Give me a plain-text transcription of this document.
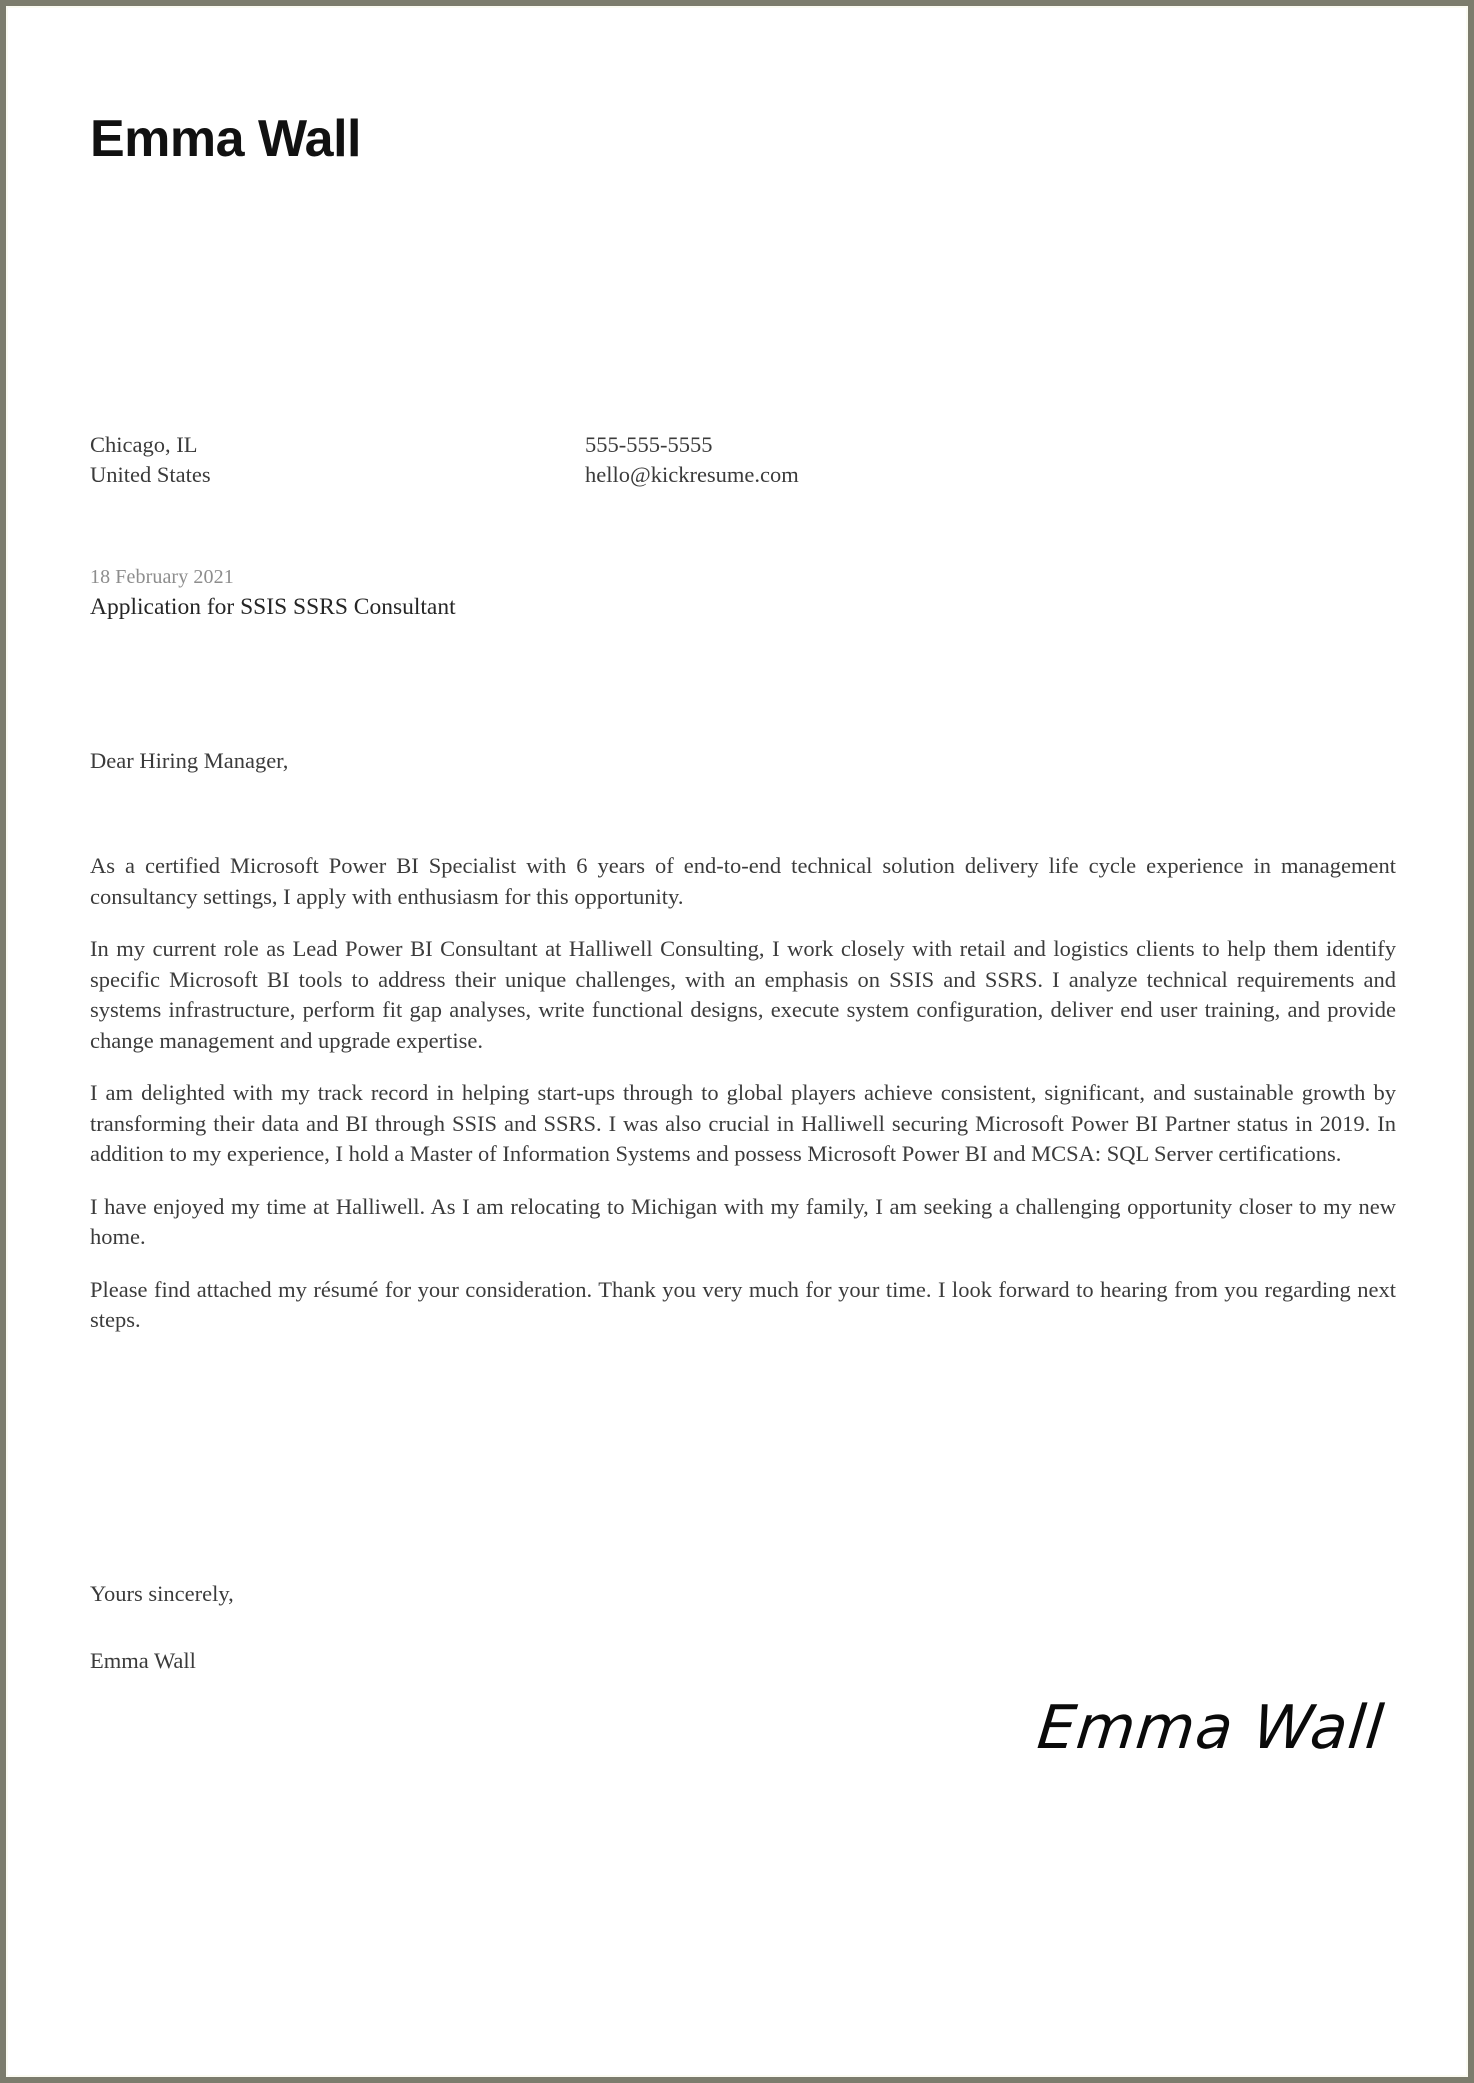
Emma Wall
Chicago, IL
United States
555-555-5555
hello@kickresume.com
18 February 2021
Application for SSIS SSRS Consultant
Dear Hiring Manager,

As a certified Microsoft Power BI Specialist with 6 years of end-to-end technical solution delivery life cycle experience in management consultancy settings, I apply with enthusiasm for this opportunity.

In my current role as Lead Power BI Consultant at Halliwell Consulting, I work closely with retail and logistics clients to help them identify specific Microsoft BI tools to address their unique challenges, with an emphasis on SSIS and SSRS. I analyze technical requirements and systems infrastructure, perform fit gap analyses, write functional designs, execute system configuration, deliver end user training, and provide change management and upgrade expertise.

I am delighted with my track record in helping start-ups through to global players achieve consistent, significant, and sustainable growth by transforming their data and BI through SSIS and SSRS. I was also crucial in Halliwell securing Microsoft Power BI Partner status in 2019. In addition to my experience, I hold a Master of Information Systems and possess Microsoft Power BI and MCSA: SQL Server certifications.

I have enjoyed my time at Halliwell. As I am relocating to Michigan with my family, I am seeking a challenging opportunity closer to my new home.

Please find attached my résumé for your consideration. Thank you very much for your time. I look forward to hearing from you regarding next steps.

Yours sincerely,
Emma Wall
Emma Wall
